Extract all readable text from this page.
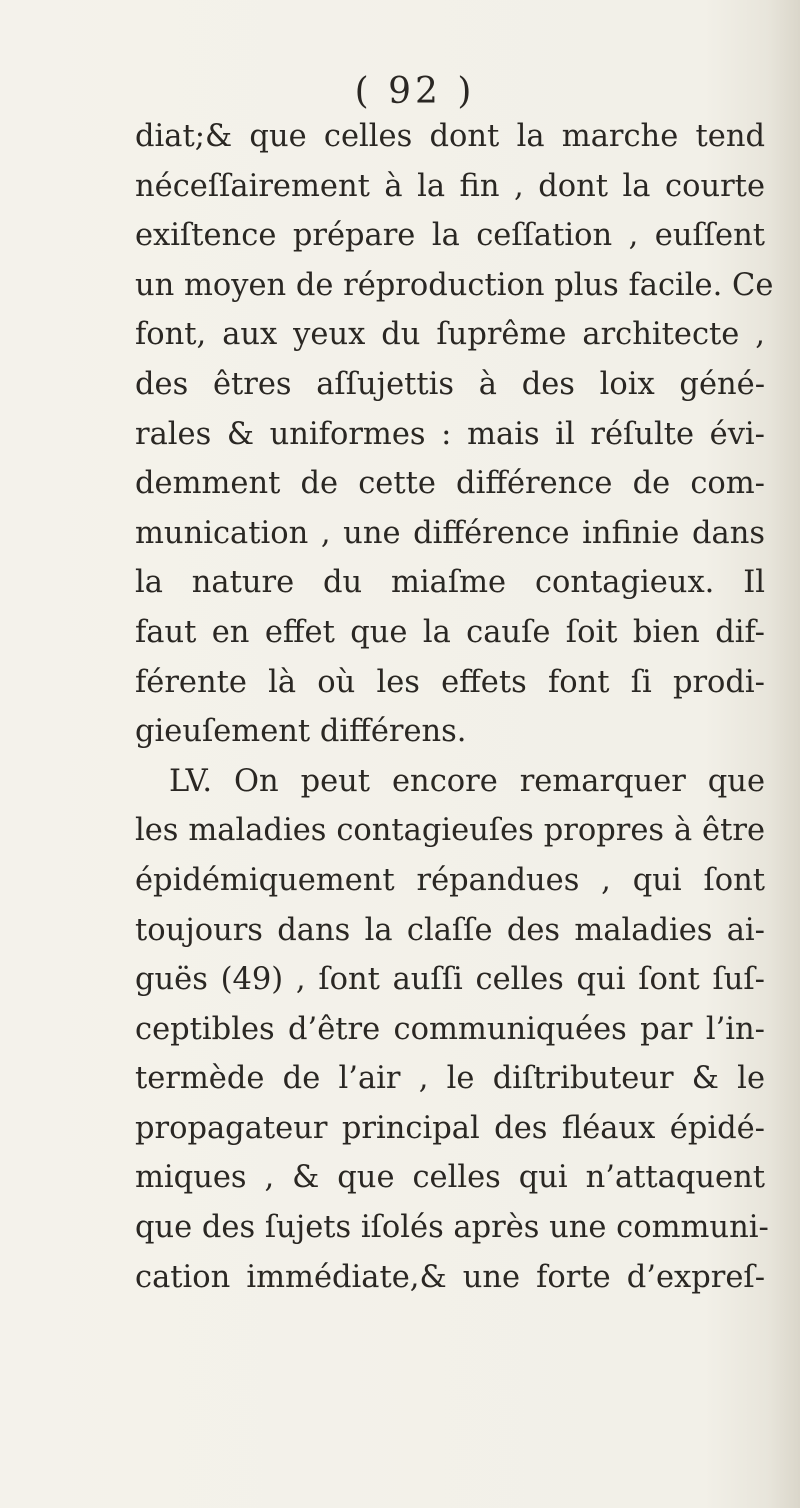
( 92 )
diat;& que celles dont la marche tend
néceſſairement à la fin , dont la courte
exiſtence prépare la ceſſation , euſſent
un moyen de réproduction plus facile. Ce
font, aux yeux du ſuprême architecte ,
des êtres aſſujettis à des loix géné-
rales & uniformes : mais il réſulte évi-
demment de cette différence de com-
munication , une différence infinie dans
la nature du miaſme contagieux. Il
faut en effet que la cauſe ſoit bien dif-
férente là où les effets font ſi prodi-
gieuſement différens.
LV. On peut encore remarquer que
les maladies contagieuſes propres à être
épidémiquement répandues , qui ſont
toujours dans la claſſe des maladies ai-
guës (49) , ſont auſſi celles qui ſont ſuſ-
ceptibles d’être communiquées par l’in-
termède de l’air , le diſtributeur & le
propagateur principal des fléaux épidé-
miques , & que celles qui n’attaquent
que des ſujets iſolés après une communi-
cation immédiate,& une forte d’expreſ-
